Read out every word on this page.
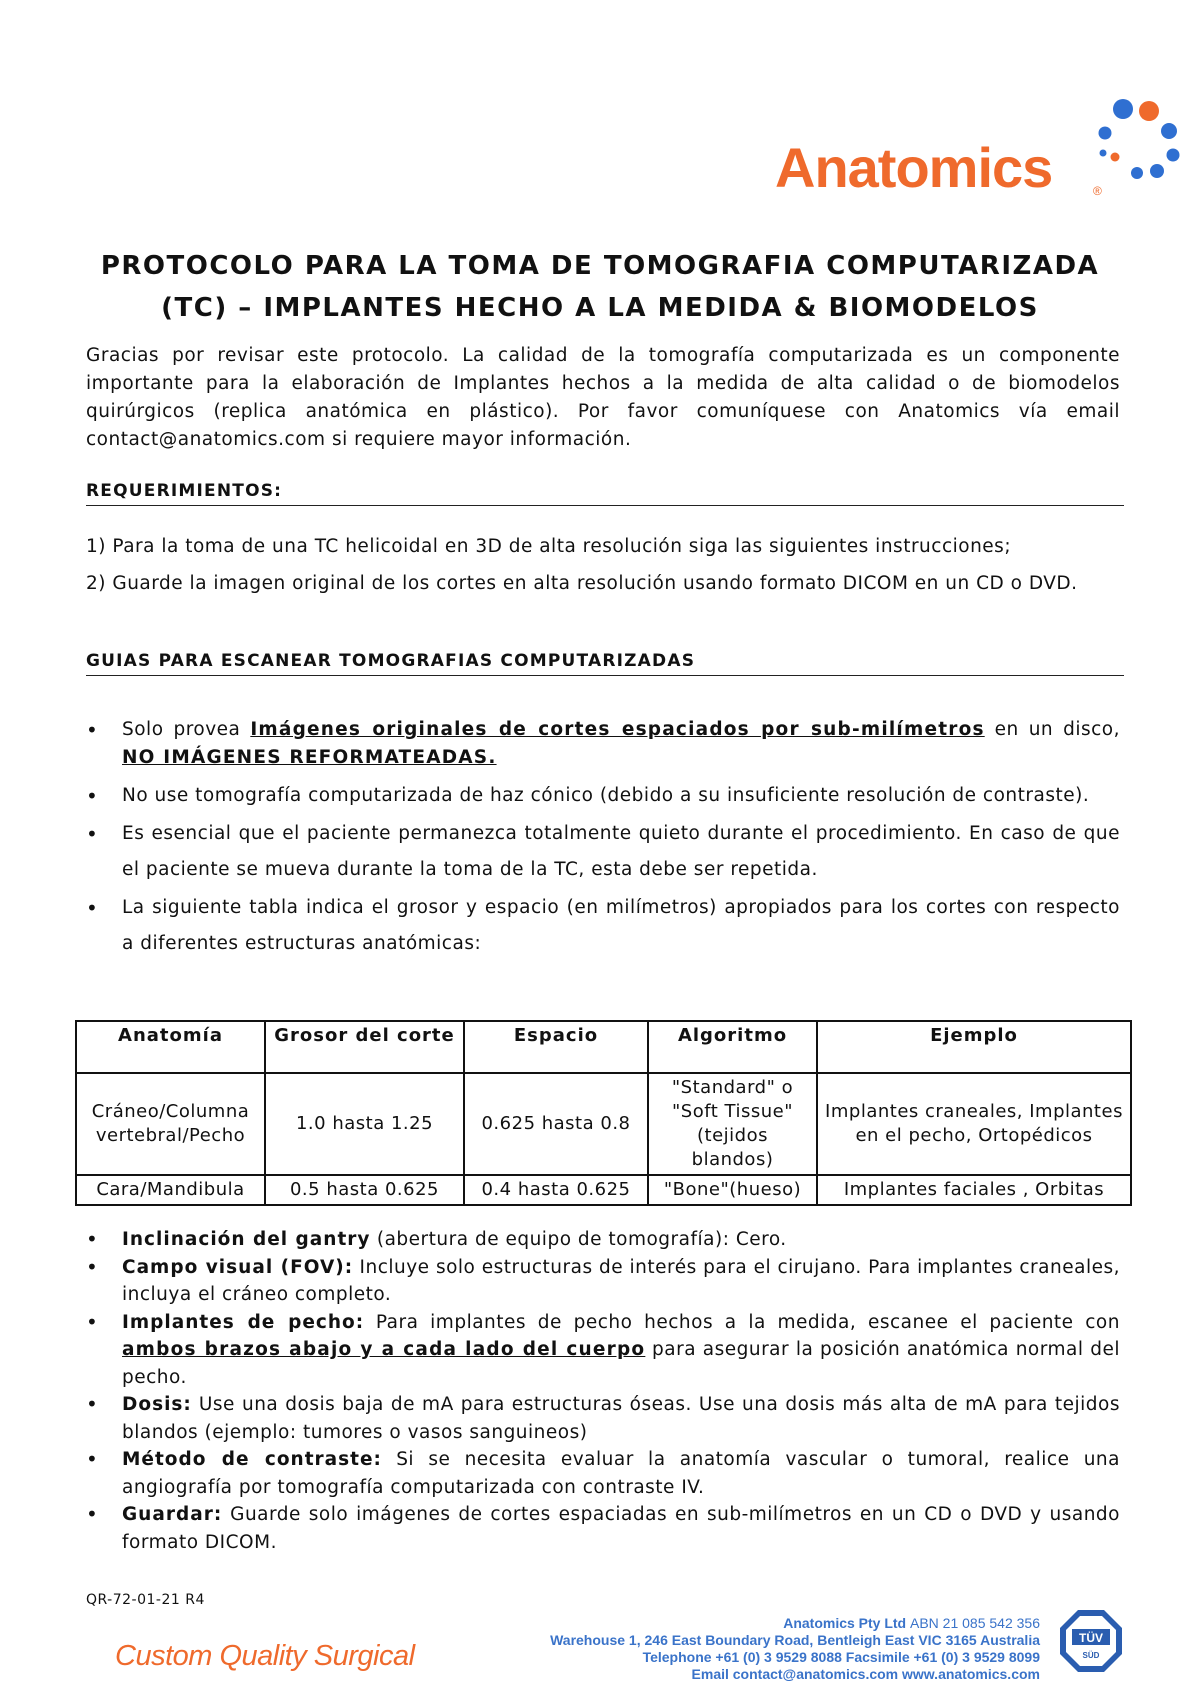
Anatomics	®
PROTOCOLO PARA LA TOMA DE TOMOGRAFIA COMPUTARIZADA
(TC) – IMPLANTES HECHO A LA MEDIDA & BIOMODELOS
Gracias por revisar este protocolo. La calidad de la tomografía computarizada es un componente importante para la elaboración de Implantes hechos a la medida de alta calidad o de biomodelos quirúrgicos (replica anatómica en plástico). Por favor comuníquese con Anatomics vía email contact@anatomics.com si requiere mayor información.
REQUERIMIENTOS:
1) Para la toma de una TC helicoidal en 3D de alta resolución siga las siguientes instrucciones;
2) Guarde la imagen original de los cortes en alta resolución usando formato DICOM en un CD o DVD.
GUIAS PARA ESCANEAR TOMOGRAFIAS COMPUTARIZADAS
• Solo provea Imágenes originales de cortes espaciados por sub-milímetros en un disco, NO IMÁGENES REFORMATEADAS.
• No use tomografía computarizada de haz cónico (debido a su insuficiente resolución de contraste).
• Es esencial que el paciente permanezca totalmente quieto durante el procedimiento. En caso de que el paciente se mueva durante la toma de la TC, esta debe ser repetida.
• La siguiente tabla indica el grosor y espacio (en milímetros) apropiados para los cortes con respecto a diferentes estructuras anatómicas:
Anatomía	Grosor del corte	Espacio	Algoritmo	Ejemplo
Cráneo/Columna vertebral/Pecho	1.0 hasta 1.25	0.625 hasta 0.8	"Standard" o "Soft Tissue"(tejidos blandos)	Implantes craneales, Implantes en el pecho, Ortopédicos
Cara/Mandibula	0.5 hasta 0.625	0.4 hasta 0.625	"Bone"(hueso)	Implantes faciales , Orbitas
• Inclinación del gantry (abertura de equipo de tomografía): Cero.
• Campo visual (FOV): Incluye solo estructuras de interés para el cirujano. Para implantes craneales, incluya el cráneo completo.
• Implantes de pecho: Para implantes de pecho hechos a la medida, escanee el paciente con ambos brazos abajo y a cada lado del cuerpo para asegurar la posición anatómica normal del pecho.
• Dosis: Use una dosis baja de mA para estructuras óseas. Use una dosis más alta de mA para tejidos blandos (ejemplo: tumores o vasos sanguineos)
• Método de contraste: Si se necesita evaluar la anatomía vascular o tumoral, realice una angiografía por tomografía computarizada con contraste IV.
• Guardar: Guarde solo imágenes de cortes espaciadas en sub-milímetros en un CD o DVD y usando formato DICOM.
QR-72-01-21 R4
Custom Quality Surgical
Anatomics Pty Ltd ABN 21 085 542 356
Warehouse 1, 246 East Boundary Road, Bentleigh East VIC 3165 Australia
Telephone +61 (0) 3 9529 8088 Facsimile +61 (0) 3 9529 8099
Email contact@anatomics.com www.anatomics.com
TÜV
SÜD
